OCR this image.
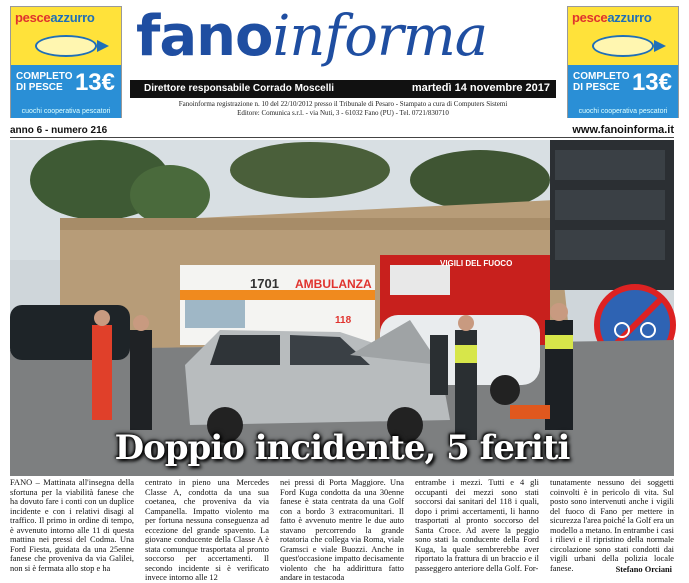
pesceazzurro
COMPLETO DI PESCE 13€
cuochi cooperativa pescatori
pesceazzurro
COMPLETO DI PESCE 13€
cuochi cooperativa pescatori
fanoinforma
Direttore responsabile Corrado Moscelli	martedì 14 novembre 2017
Fanoinforma registrazione n. 10 del 22/10/2012 presso il Tribunale di Pesaro - Stampato a cura di Computers Sistemi
Editore: Comunica s.r.l. - via Nuti, 3 - 61032 Fano (PU) - Tel. 0721/830710
anno 6 - numero 216	www.fanoinforma.it
1701 AMBULANZA
118
VIGILI DEL FUOCO
Doppio incidente, 5 feriti

FANO – Mattinata all'insegna della sfortuna per la viabilità fanese che ha dovuto fare i conti con un duplice incidente e con i relativi disagi al traffico. Il primo in ordine di tempo, è avvenuto intorno alle 11 di questa mattina nei pressi del Codma. Una Ford Fiesta, guidata da una 25enne fanese che proveniva da via Galilei, non si è fermata allo stop e ha

centrato in pieno una Mercedes Classe A, condotta da una sua coetanea, che proveniva da via Campanella. Impatto violento ma per fortuna nessuna conseguenza ad eccezione del grande spavento. La giovane conducente della Classe A è stata comunque trasportata al pronto soccorso per accertamenti. Il secondo incidente si è verificato invece intorno alle 12

nei pressi di Porta Maggiore. Una Ford Kuga condotta da una 30enne fanese è stata centrata da una Golf con a bordo 3 extracomunitari. Il fatto è avvenuto mentre le due auto stavano percorrendo la grande rotatoria che collega via Roma, viale Gramsci e viale Buozzi. Anche in quest'occasione impatto decisamente violento che ha addirittura fatto andare in testacoda

entrambe i mezzi. Tutti e 4 gli occupanti dei mezzi sono stati soccorsi dai sanitari del 118 i quali, dopo i primi accertamenti, li hanno trasportati al pronto soccorso del Santa Croce. Ad avere la peggio sono stati la conducente della Ford Kuga, la quale sembrerebbe aver riportato la frattura di un braccio e il passeggero anteriore della Golf. For-

tunatamente nessuno dei soggetti coinvolti è in pericolo di vita. Sul posto sono intervenuti anche i vigili del fuoco di Fano per mettere in sicurezza l'area poiché la Golf era un modello a metano. In entrambe i casi i rilievi e il ripristino della normale circolazione sono stati condotti dai vigili urbani della polizia locale fanese.	Stefano Orciani
